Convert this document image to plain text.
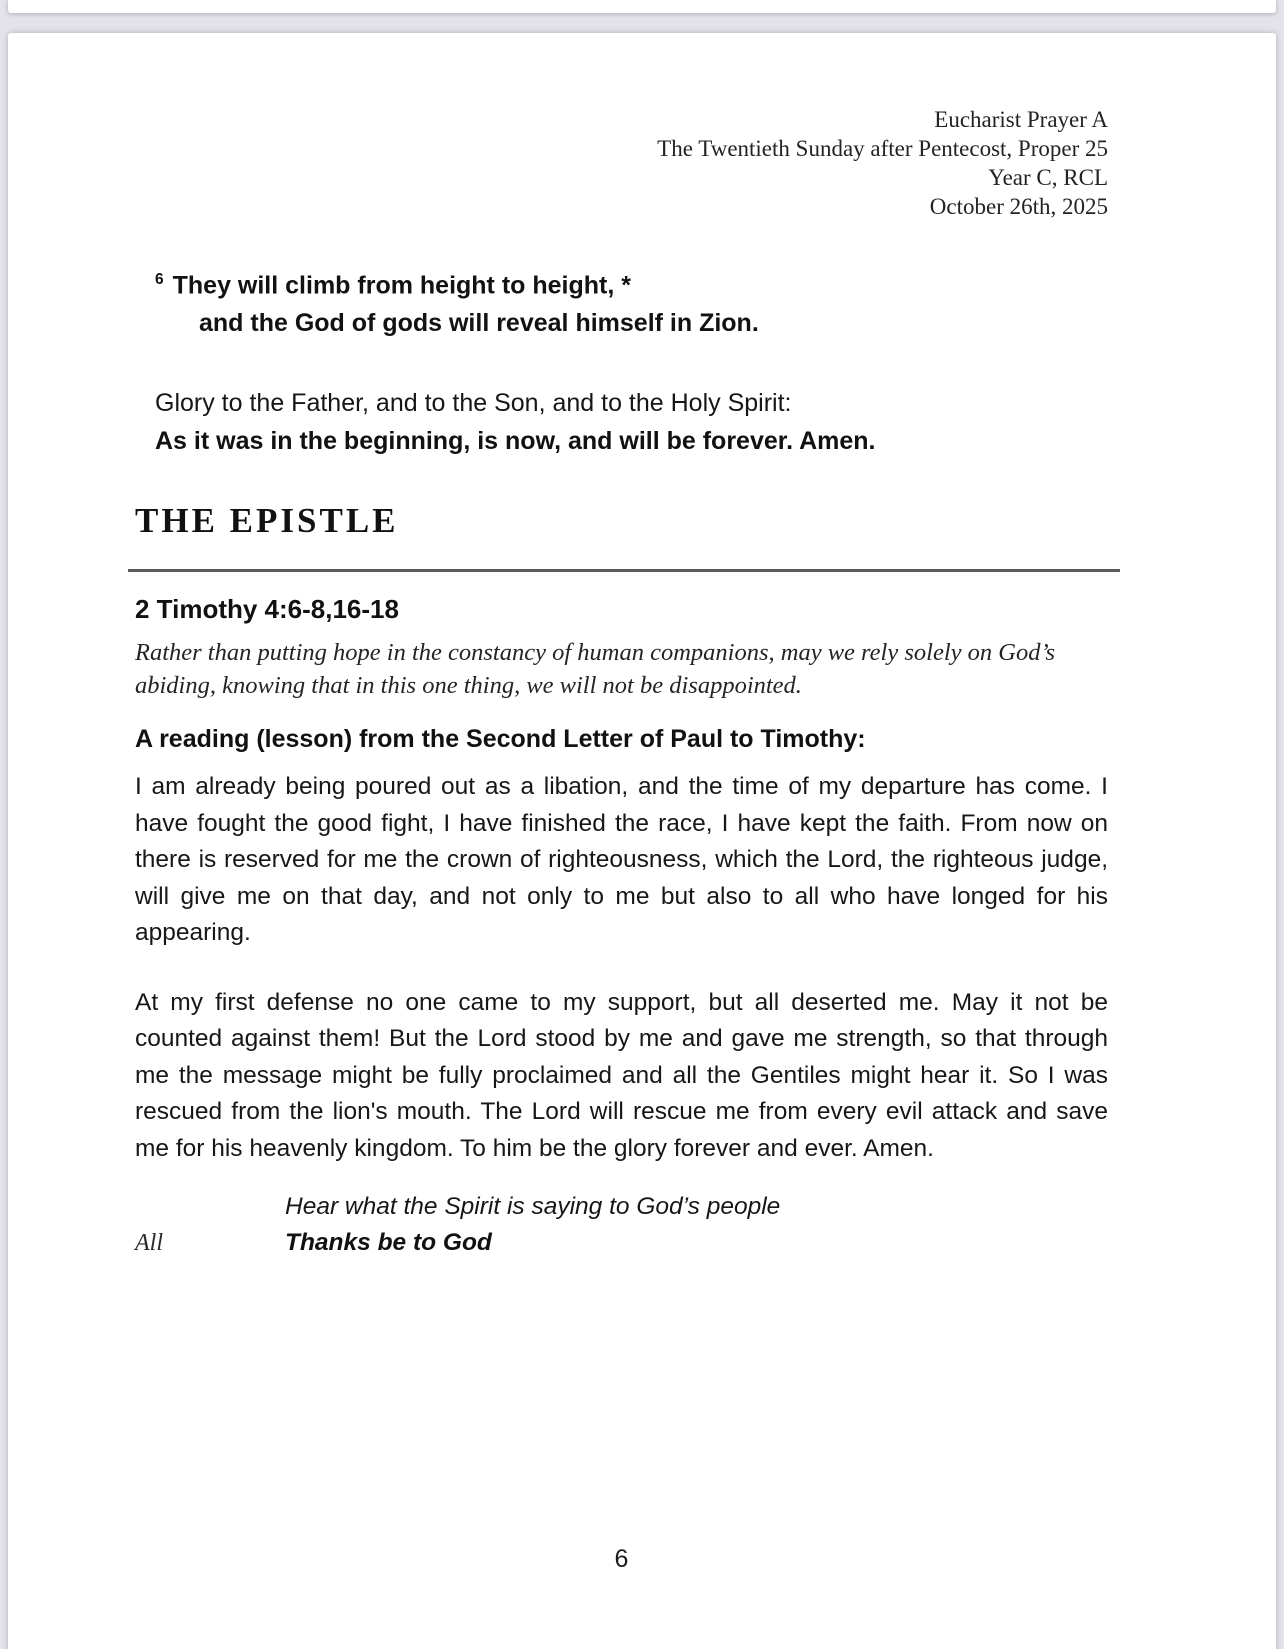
Eucharist Prayer A
The Twentieth Sunday after Pentecost, Proper 25
Year C, RCL
October 26th, 2025
$^6$ They will climb from height to height, *
and the God of gods will reveal himself in Zion.
Glory to the Father, and to the Son, and to the Holy Spirit:
As it was in the beginning, is now, and will be forever. Amen.
THE EPISTLE
2 Timothy 4:6-8,16-18
Rather than putting hope in the constancy of human companions, may we rely solely on God’s abiding, knowing that in this one thing, we will not be disappointed.
A reading (lesson) from the Second Letter of Paul to Timothy:

I am already being poured out as a libation, and the time of my departure has come. I have fought the good fight, I have finished the race, I have kept the faith. From now on there is reserved for me the crown of righteousness, which the Lord, the righteous judge, will give me on that day, and not only to me but also to all who have longed for his appearing.

At my first defense no one came to my support, but all deserted me. May it not be counted against them! But the Lord stood by me and gave me strength, so that through me the message might be fully proclaimed and all the Gentiles might hear it. So I was rescued from the lion's mouth. The Lord will rescue me from every evil attack and save me for his heavenly kingdom. To him be the glory forever and ever. Amen.

Hear what the Spirit is saying to God’s people
All	Thanks be to God
6
